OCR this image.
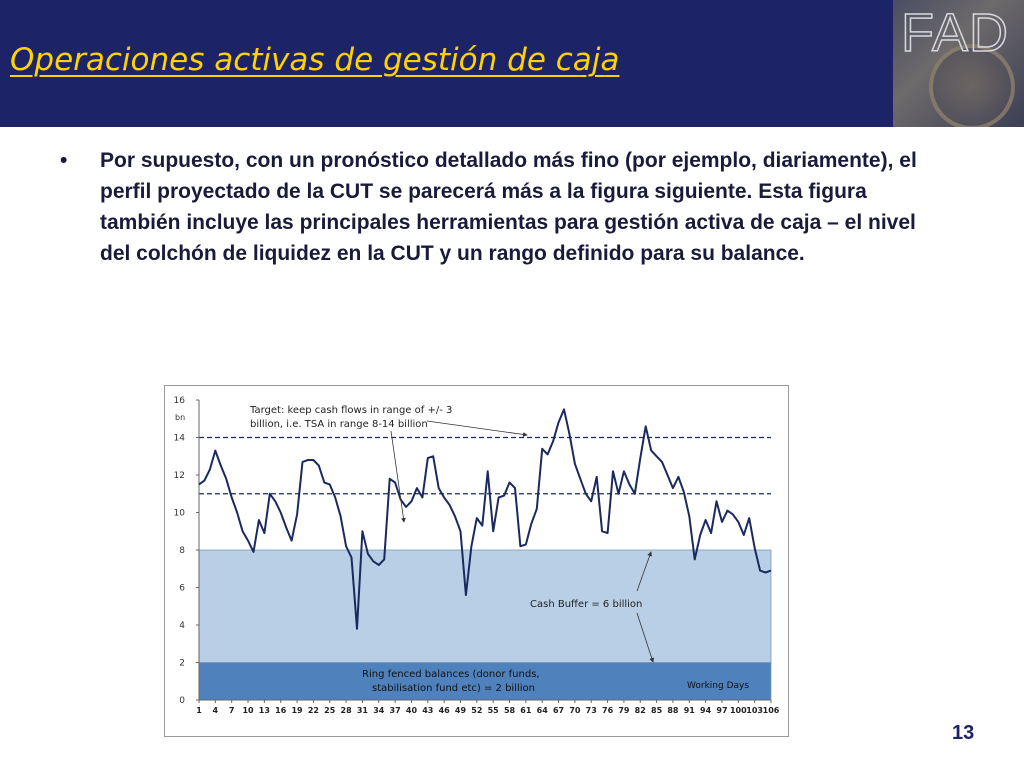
Operaciones activas de gestión de caja	FAD
• Por supuesto, con un pronóstico detallado más fino (por ejemplo, diariamente), el perfil proyectado de la CUT se parecerá más a la figura siguiente. Esta figura también incluye las principales herramientas para gestión activa de caja – el nivel del colchón de liquidez en la CUT y un rango definido para su balance.
0
2
4
6
8
10
12
14
16
1 4 7 10 13 16 19 22 25 28 31 34 37 40 43 46 49 52 55 58 61 64 67 70 73 76 79 82 85 88 91 94 97 100 103 106
bn
Target: keep cash flows in range of +/- 3
billion, i.e. TSA in range 8-14 billion
Cash Buffer = 6 billion
Ring fenced balances (donor funds,
stabilisation fund etc) = 2 billion	Working Days
13
